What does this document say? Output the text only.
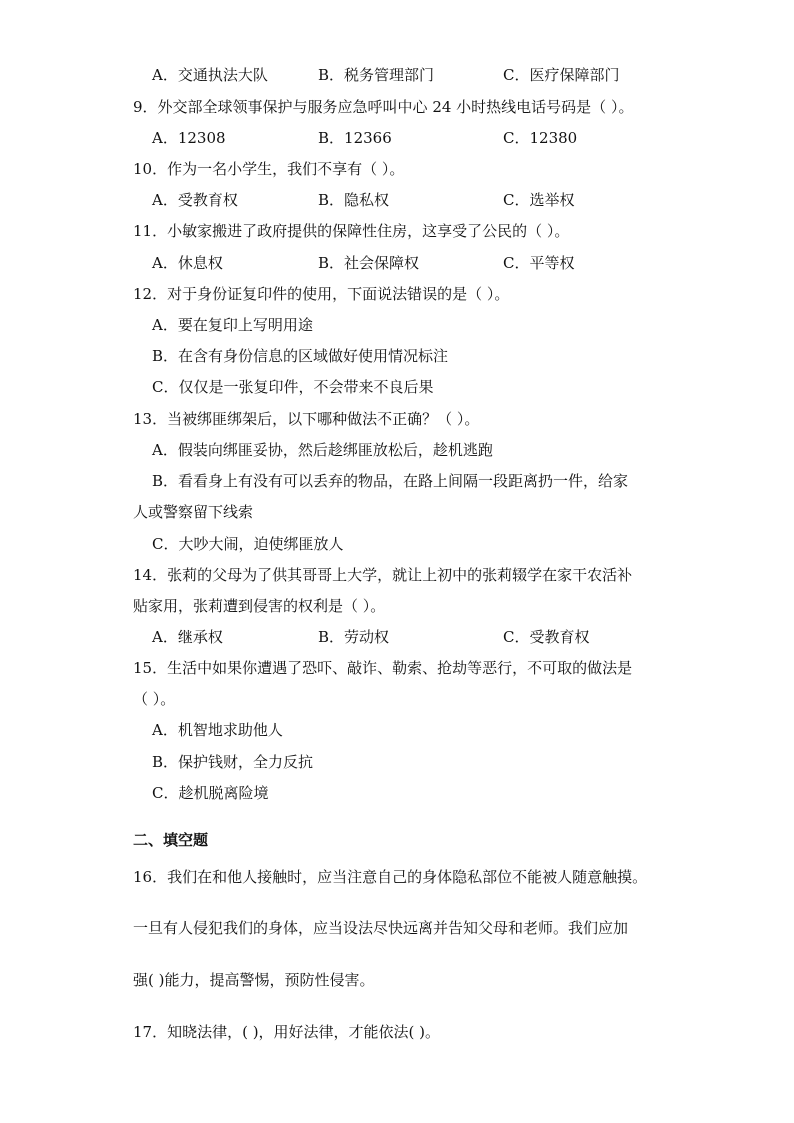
A．交通执法大队	B．税务管理部门	C．医疗保障部门
9．外交部全球领事保护与服务应急呼叫中心 24 小时热线电话号码是（ ）。
A．12308	B．12366	C．12380
10．作为一名小学生，我们不享有（ ）。
A．受教育权	B．隐私权	C．选举权
11．小敏家搬进了政府提供的保障性住房，这享受了公民的（ ）。
A．休息权	B．社会保障权	C．平等权
12．对于身份证复印件的使用，下面说法错误的是（ ）。
A．要在复印上写明用途
B．在含有身份信息的区域做好使用情况标注
C．仅仅是一张复印件，不会带来不良后果
13．当被绑匪绑架后，以下哪种做法不正确？（ ）。
A．假装向绑匪妥协，然后趁绑匪放松后，趁机逃跑
B．看看身上有没有可以丢弃的物品，在路上间隔一段距离扔一件，给家
人或警察留下线索
C．大吵大闹，迫使绑匪放人
14．张莉的父母为了供其哥哥上大学，就让上初中的张莉辍学在家干农活补
贴家用，张莉遭到侵害的权利是（ ）。
A．继承权	B．劳动权	C．受教育权
15．生活中如果你遭遇了恐吓、敲诈、勒索、抢劫等恶行，不可取的做法是
（ ）。
A．机智地求助他人
B．保护钱财，全力反抗
C．趁机脱离险境
二、填空题
16．我们在和他人接触时，应当注意自己的身体隐私部位不能被人随意触摸。
一旦有人侵犯我们的身体，应当设法尽快远离并告知父母和老师。我们应加
强( )能力，提高警惕，预防性侵害。
17．知晓法律，( )，用好法律，才能依法( )。
